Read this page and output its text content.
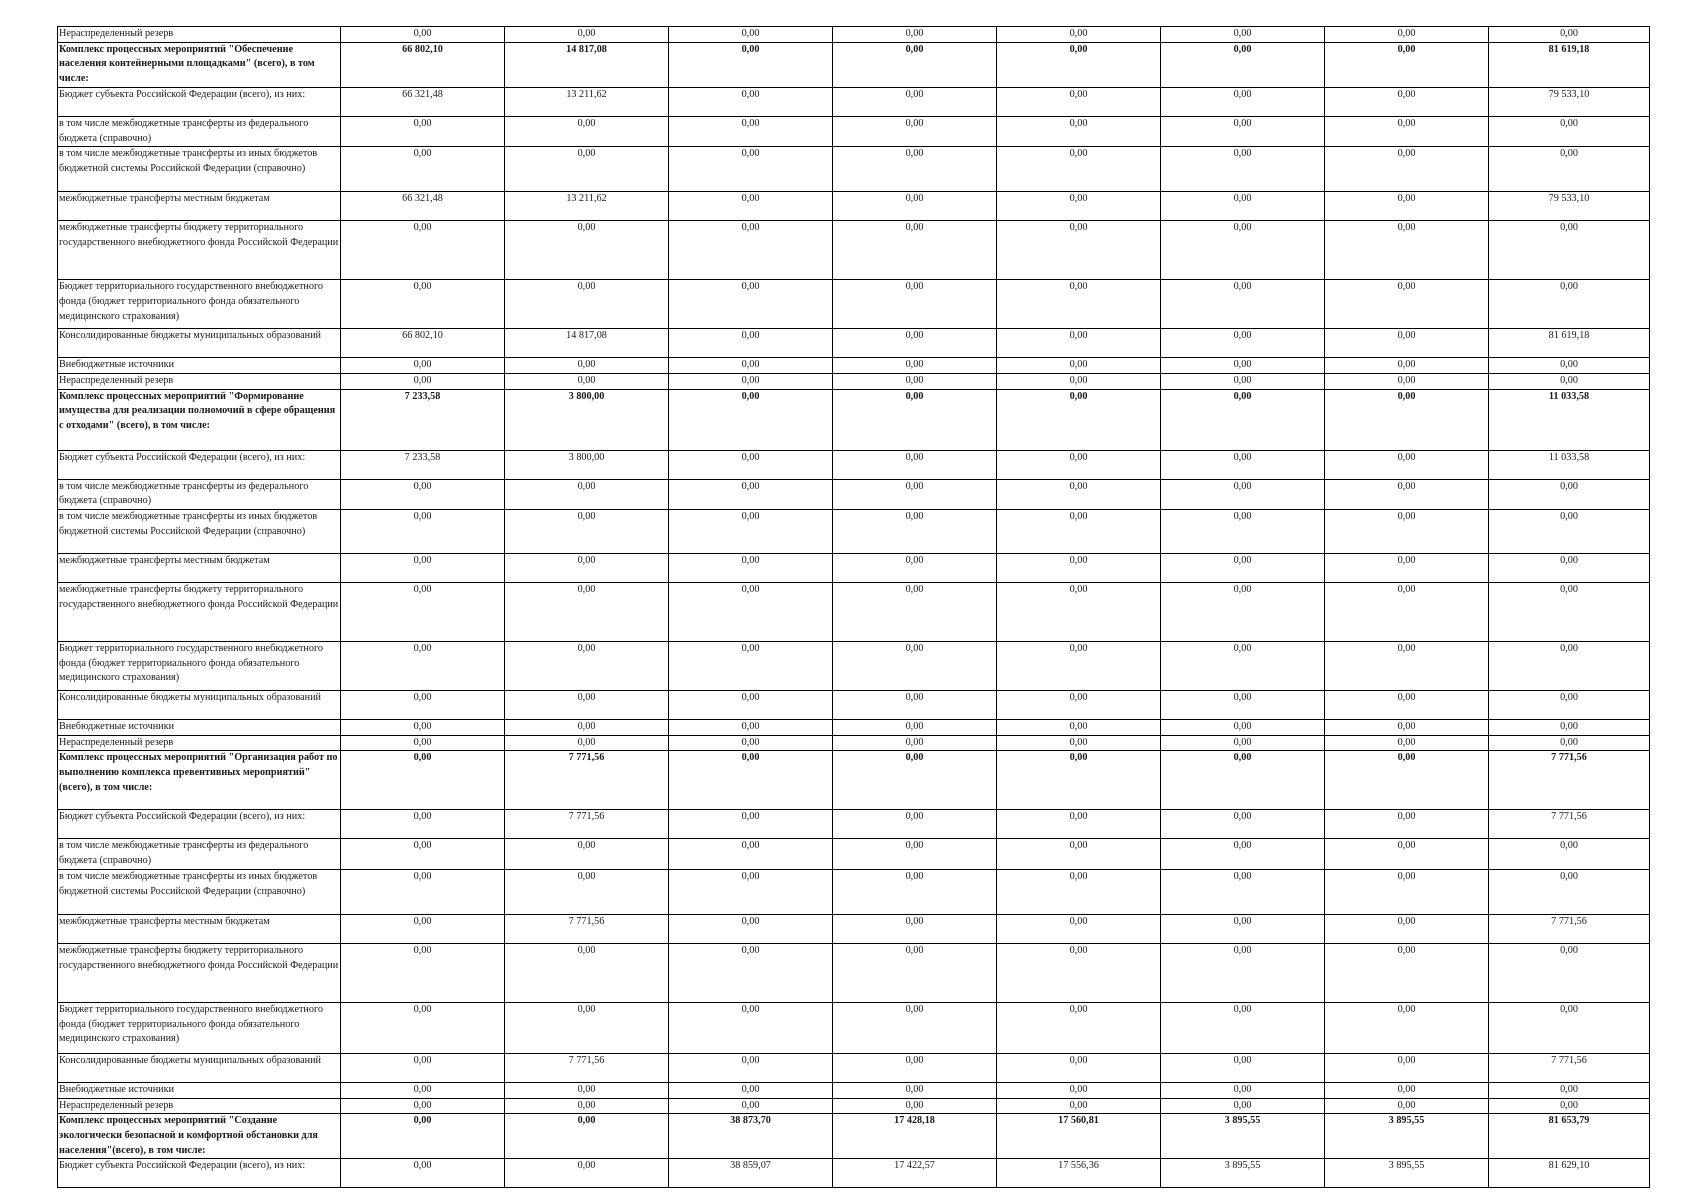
Нераспределенный резерв	0,00	0,00	0,00	0,00	0,00	0,00	0,00	0,00
Комплекс процессных мероприятий "Обеспечение населения контейнерными площадками" (всего), в том числе:	66 802,10	14 817,08	0,00	0,00	0,00	0,00	0,00	81 619,18
Бюджет субъекта Российской Федерации (всего), из них:	66 321,48	13 211,62	0,00	0,00	0,00	0,00	0,00	79 533,10
в том числе межбюджетные трансферты из федерального бюджета (справочно)	0,00	0,00	0,00	0,00	0,00	0,00	0,00	0,00
в том числе межбюджетные трансферты из иных бюджетов бюджетной системы Российской Федерации (справочно)	0,00	0,00	0,00	0,00	0,00	0,00	0,00	0,00
межбюджетные трансферты местным бюджетам	66 321,48	13 211,62	0,00	0,00	0,00	0,00	0,00	79 533,10
межбюджетные трансферты бюджету территориального государственного внебюджетного фонда Российской Федерации	0,00	0,00	0,00	0,00	0,00	0,00	0,00	0,00
Бюджет территориального государственного внебюджетного фонда (бюджет территориального фонда обязательного медицинского страхования)	0,00	0,00	0,00	0,00	0,00	0,00	0,00	0,00
Консолидированные бюджеты муниципальных образований	66 802,10	14 817,08	0,00	0,00	0,00	0,00	0,00	81 619,18
Внебюджетные источники	0,00	0,00	0,00	0,00	0,00	0,00	0,00	0,00
Нераспределенный резерв	0,00	0,00	0,00	0,00	0,00	0,00	0,00	0,00
Комплекс процессных мероприятий "Формирование имущества для реализации полномочий в сфере обращения с отходами" (всего), в том числе:	7 233,58	3 800,00	0,00	0,00	0,00	0,00	0,00	11 033,58
Бюджет субъекта Российской Федерации (всего), из них:	7 233,58	3 800,00	0,00	0,00	0,00	0,00	0,00	11 033,58
в том числе межбюджетные трансферты из федерального бюджета (справочно)	0,00	0,00	0,00	0,00	0,00	0,00	0,00	0,00
в том числе межбюджетные трансферты из иных бюджетов бюджетной системы Российской Федерации (справочно)	0,00	0,00	0,00	0,00	0,00	0,00	0,00	0,00
межбюджетные трансферты местным бюджетам	0,00	0,00	0,00	0,00	0,00	0,00	0,00	0,00
межбюджетные трансферты бюджету территориального государственного внебюджетного фонда Российской Федерации	0,00	0,00	0,00	0,00	0,00	0,00	0,00	0,00
Бюджет территориального государственного внебюджетного фонда (бюджет территориального фонда обязательного медицинского страхования)	0,00	0,00	0,00	0,00	0,00	0,00	0,00	0,00
Консолидированные бюджеты муниципальных образований	0,00	0,00	0,00	0,00	0,00	0,00	0,00	0,00
Внебюджетные источники	0,00	0,00	0,00	0,00	0,00	0,00	0,00	0,00
Нераспределенный резерв	0,00	0,00	0,00	0,00	0,00	0,00	0,00	0,00
Комплекс процессных мероприятий "Организация работ по выполнению комплекса превентивных мероприятий" (всего), в том числе:	0,00	7 771,56	0,00	0,00	0,00	0,00	0,00	7 771,56
Бюджет субъекта Российской Федерации (всего), из них:	0,00	7 771,56	0,00	0,00	0,00	0,00	0,00	7 771,56
в том числе межбюджетные трансферты из федерального бюджета (справочно)	0,00	0,00	0,00	0,00	0,00	0,00	0,00	0,00
в том числе межбюджетные трансферты из иных бюджетов бюджетной системы Российской Федерации (справочно)	0,00	0,00	0,00	0,00	0,00	0,00	0,00	0,00
межбюджетные трансферты местным бюджетам	0,00	7 771,56	0,00	0,00	0,00	0,00	0,00	7 771,56
межбюджетные трансферты бюджету территориального государственного внебюджетного фонда Российской Федерации	0,00	0,00	0,00	0,00	0,00	0,00	0,00	0,00
Бюджет территориального государственного внебюджетного фонда (бюджет территориального фонда обязательного медицинского страхования)	0,00	0,00	0,00	0,00	0,00	0,00	0,00	0,00
Консолидированные бюджеты муниципальных образований	0,00	7 771,56	0,00	0,00	0,00	0,00	0,00	7 771,56
Внебюджетные источники	0,00	0,00	0,00	0,00	0,00	0,00	0,00	0,00
Нераспределенный резерв	0,00	0,00	0,00	0,00	0,00	0,00	0,00	0,00
Комплекс процессных мероприятий "Создание экологически безопасной и комфортной обстановки для населения"(всего), в том числе:	0,00	0,00	38 873,70	17 428,18	17 560,81	3 895,55	3 895,55	81 653,79
Бюджет субъекта Российской Федерации (всего), из них:	0,00	0,00	38 859,07	17 422,57	17 556,36	3 895,55	3 895,55	81 629,10
